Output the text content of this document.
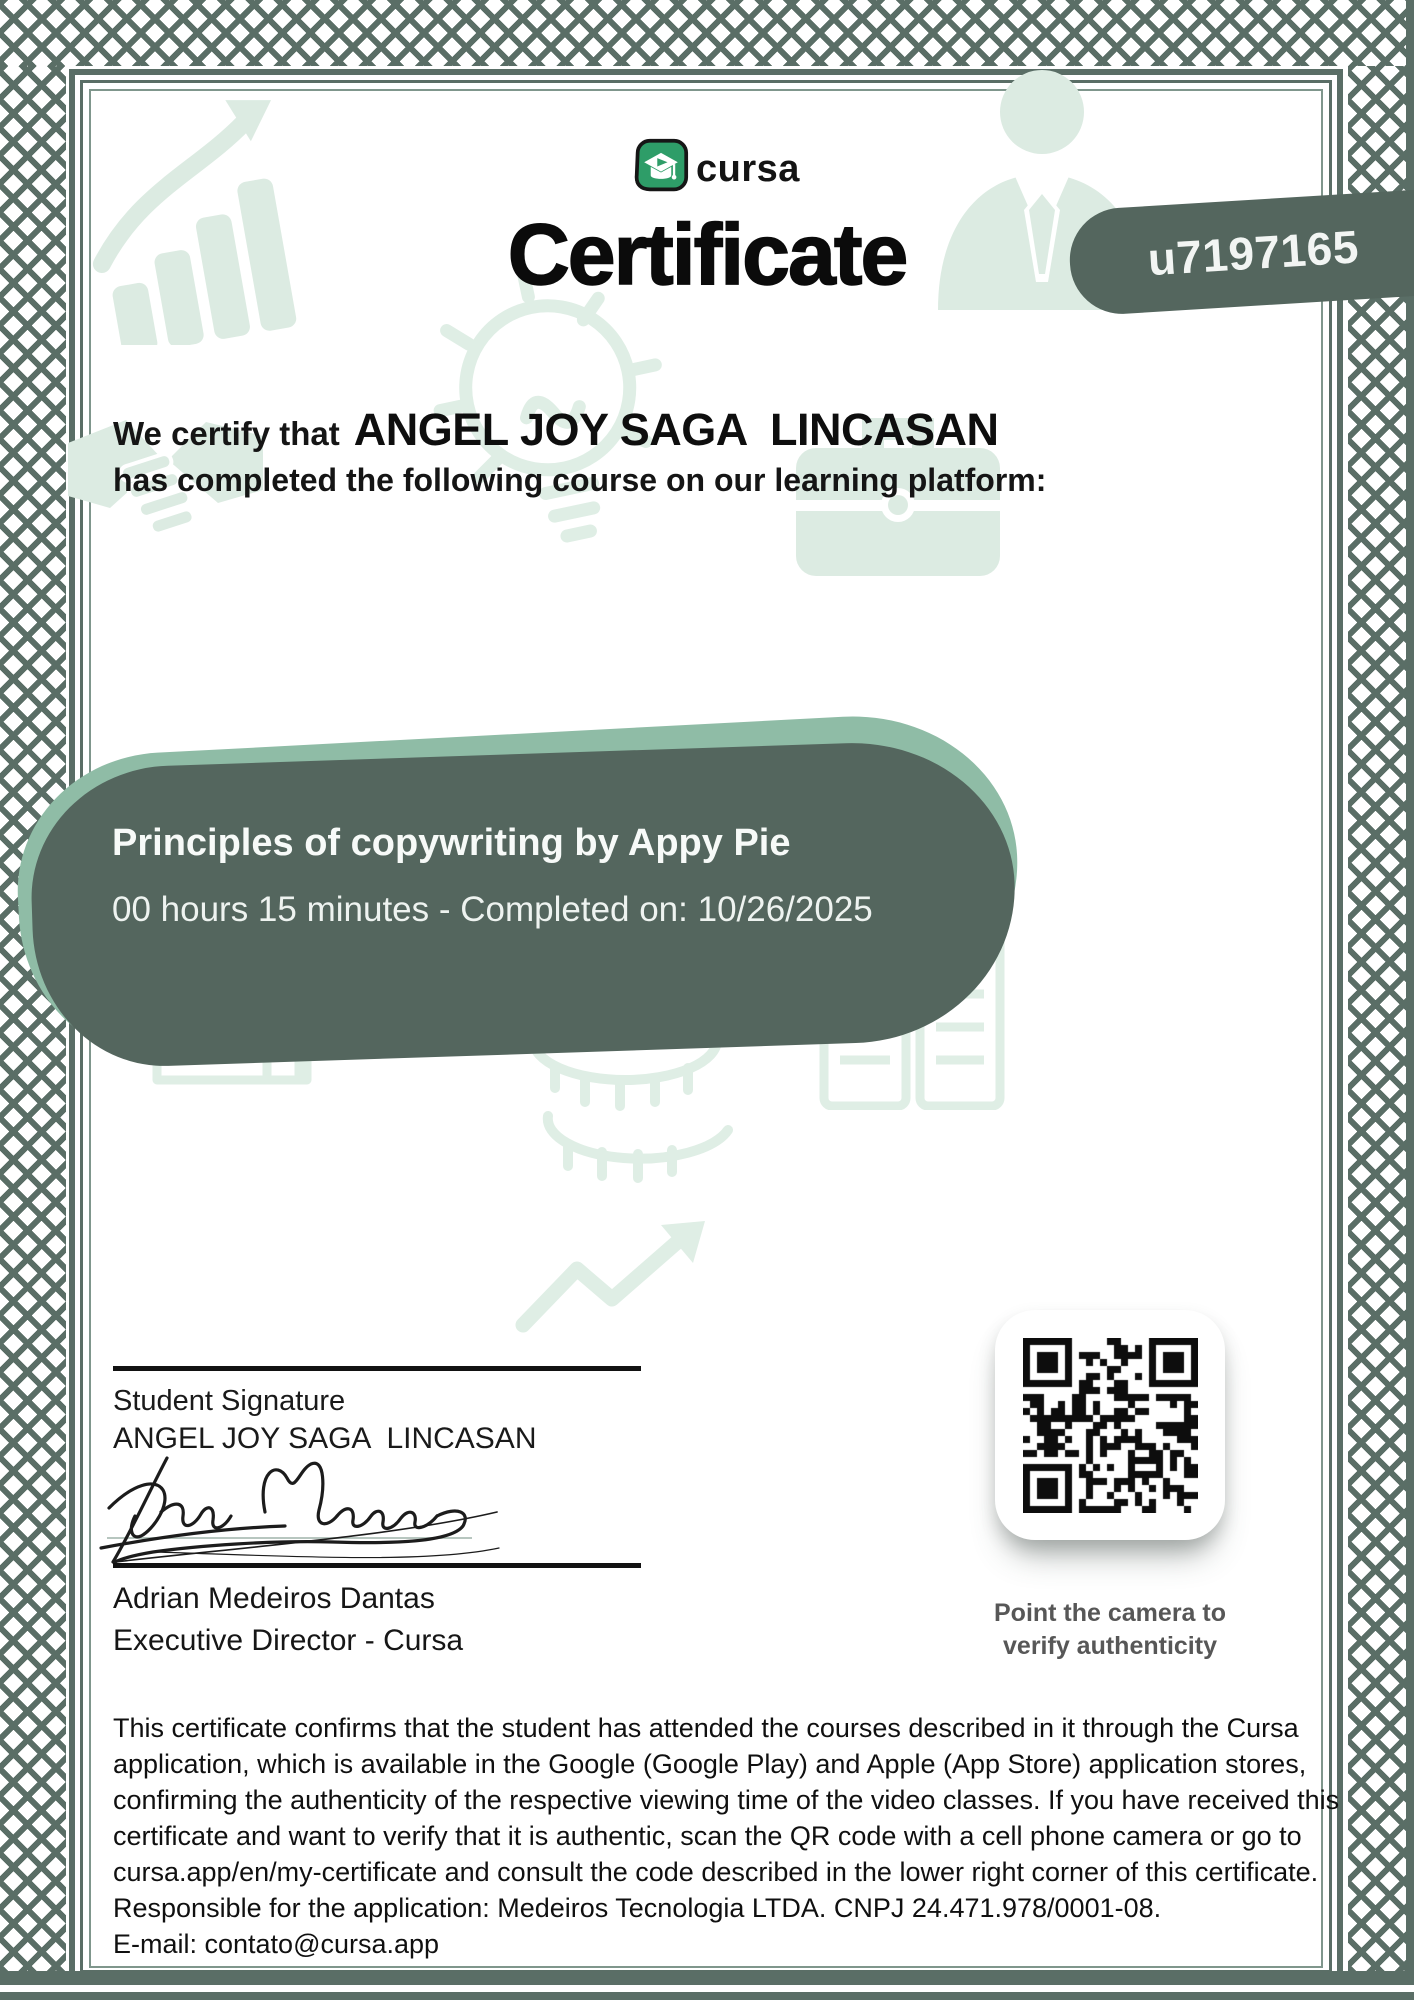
cursa
Certificate	u7197165
We certify that ANGEL JOY SAGA  LINCASAN
has completed the following course on our learning platform:
Principles of copywriting by Appy Pie
00 hours 15 minutes - Completed on: 10/26/2025
Student Signature
ANGEL JOY SAGA  LINCASAN
Adrian Medeiros Dantas
Executive Director - Cursa
Point the camera to
verify authenticity
This certificate confirms that the student has attended the courses described in it through the Cursa
application, which is available in the Google (Google Play) and Apple (App Store) application stores,
confirming the authenticity of the respective viewing time of the video classes. If you have received this
certificate and want to verify that it is authentic, scan the QR code with a cell phone camera or go to
cursa.app/en/my-certificate and consult the code described in the lower right corner of this certificate.
Responsible for the application: Medeiros Tecnologia LTDA. CNPJ 24.471.978/0001-08.
E-mail: contato@cursa.app
